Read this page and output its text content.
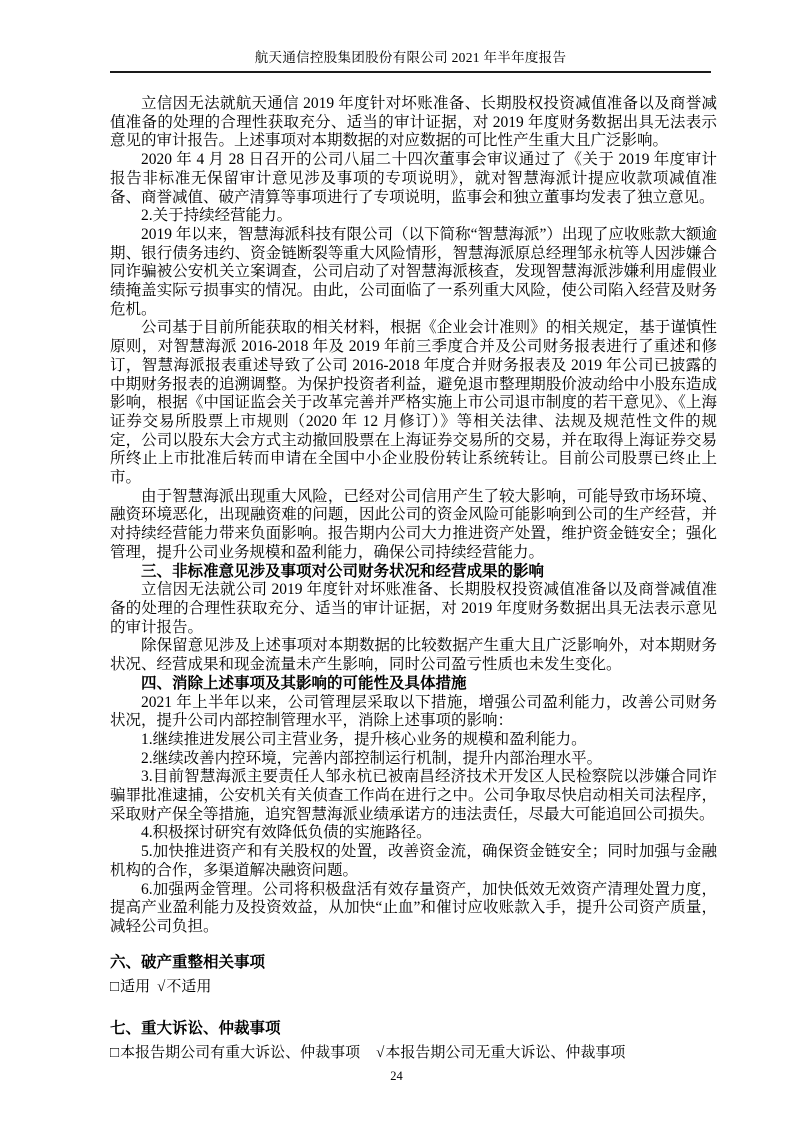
航天通信控股集团股份有限公司 2021 年半年度报告

立信因无法就航天通信 2019 年度针对坏账准备、长期股权投资减值准备以及商誉减值准备的处理的合理性获取充分、适当的审计证据，对 2019 年度财务数据出具无法表示意见的审计报告。上述事项对本期数据的对应数据的可比性产生重大且广泛影响。

2020 年 4 月 28 日召开的公司八届二十四次董事会审议通过了《关于 2019 年度审计报告非标准无保留审计意见涉及事项的专项说明》，就对智慧海派计提应收款项减值准备、商誉减值、破产清算等事项进行了专项说明，监事会和独立董事均发表了独立意见。

2.关于持续经营能力。

2019 年以来，智慧海派科技有限公司（以下简称“智慧海派”）出现了应收账款大额逾期、银行债务违约、资金链断裂等重大风险情形，智慧海派原总经理邹永杭等人因涉嫌合同诈骗被公安机关立案调查，公司启动了对智慧海派核查，发现智慧海派涉嫌利用虚假业绩掩盖实际亏损事实的情况。由此，公司面临了一系列重大风险，使公司陷入经营及财务危机。

公司基于目前所能获取的相关材料，根据《企业会计准则》的相关规定，基于谨慎性原则，对智慧海派 2016-2018 年及 2019 年前三季度合并及公司财务报表进行了重述和修订，智慧海派报表重述导致了公司 2016-2018 年度合并财务报表及 2019 年公司已披露的中期财务报表的追溯调整。为保护投资者利益，避免退市整理期股价波动给中小股东造成影响，根据《中国证监会关于改革完善并严格实施上市公司退市制度的若干意见》、《上海证券交易所股票上市规则（2020 年 12 月修订）》等相关法律、法规及规范性文件的规定，公司以股东大会方式主动撤回股票在上海证券交易所的交易，并在取得上海证券交易所终止上市批准后转而申请在全国中小企业股份转让系统转让。目前公司股票已终止上市。

由于智慧海派出现重大风险，已经对公司信用产生了较大影响，可能导致市场环境、融资环境恶化，出现融资难的问题，因此公司的资金风险可能影响到公司的生产经营，并对持续经营能力带来负面影响。报告期内公司大力推进资产处置，维护资金链安全；强化管理，提升公司业务规模和盈利能力，确保公司持续经营能力。

三、非标准意见涉及事项对公司财务状况和经营成果的影响

立信因无法就公司 2019 年度针对坏账准备、长期股权投资减值准备以及商誉减值准备的处理的合理性获取充分、适当的审计证据，对 2019 年度财务数据出具无法表示意见的审计报告。

除保留意见涉及上述事项对本期数据的比较数据产生重大且广泛影响外，对本期财务状况、经营成果和现金流量未产生影响，同时公司盈亏性质也未发生变化。

四、消除上述事项及其影响的可能性及具体措施

2021 年上半年以来，公司管理层采取以下措施，增强公司盈利能力，改善公司财务状况，提升公司内部控制管理水平，消除上述事项的影响：

1.继续推进发展公司主营业务，提升核心业务的规模和盈利能力。

2.继续改善内控环境，完善内部控制运行机制，提升内部治理水平。

3.目前智慧海派主要责任人邹永杭已被南昌经济技术开发区人民检察院以涉嫌合同诈骗罪批准逮捕，公安机关有关侦查工作尚在进行之中。公司争取尽快启动相关司法程序，采取财产保全等措施，追究智慧海派业绩承诺方的违法责任，尽最大可能追回公司损失。

4.积极探讨研究有效降低负债的实施路径。

5.加快推进资产和有关股权的处置，改善资金流，确保资金链安全；同时加强与金融机构的合作，多渠道解决融资问题。

6.加强两金管理。公司将积极盘活有效存量资产，加快低效无效资产清理处置力度，提高产业盈利能力及投资效益，从加快“止血”和催讨应收账款入手，提升公司资产质量，减轻公司负担。

六、破产重整相关事项

□适用 √不适用

七、重大诉讼、仲裁事项

□本报告期公司有重大诉讼、仲裁事项 √本报告期公司无重大诉讼、仲裁事项

24
